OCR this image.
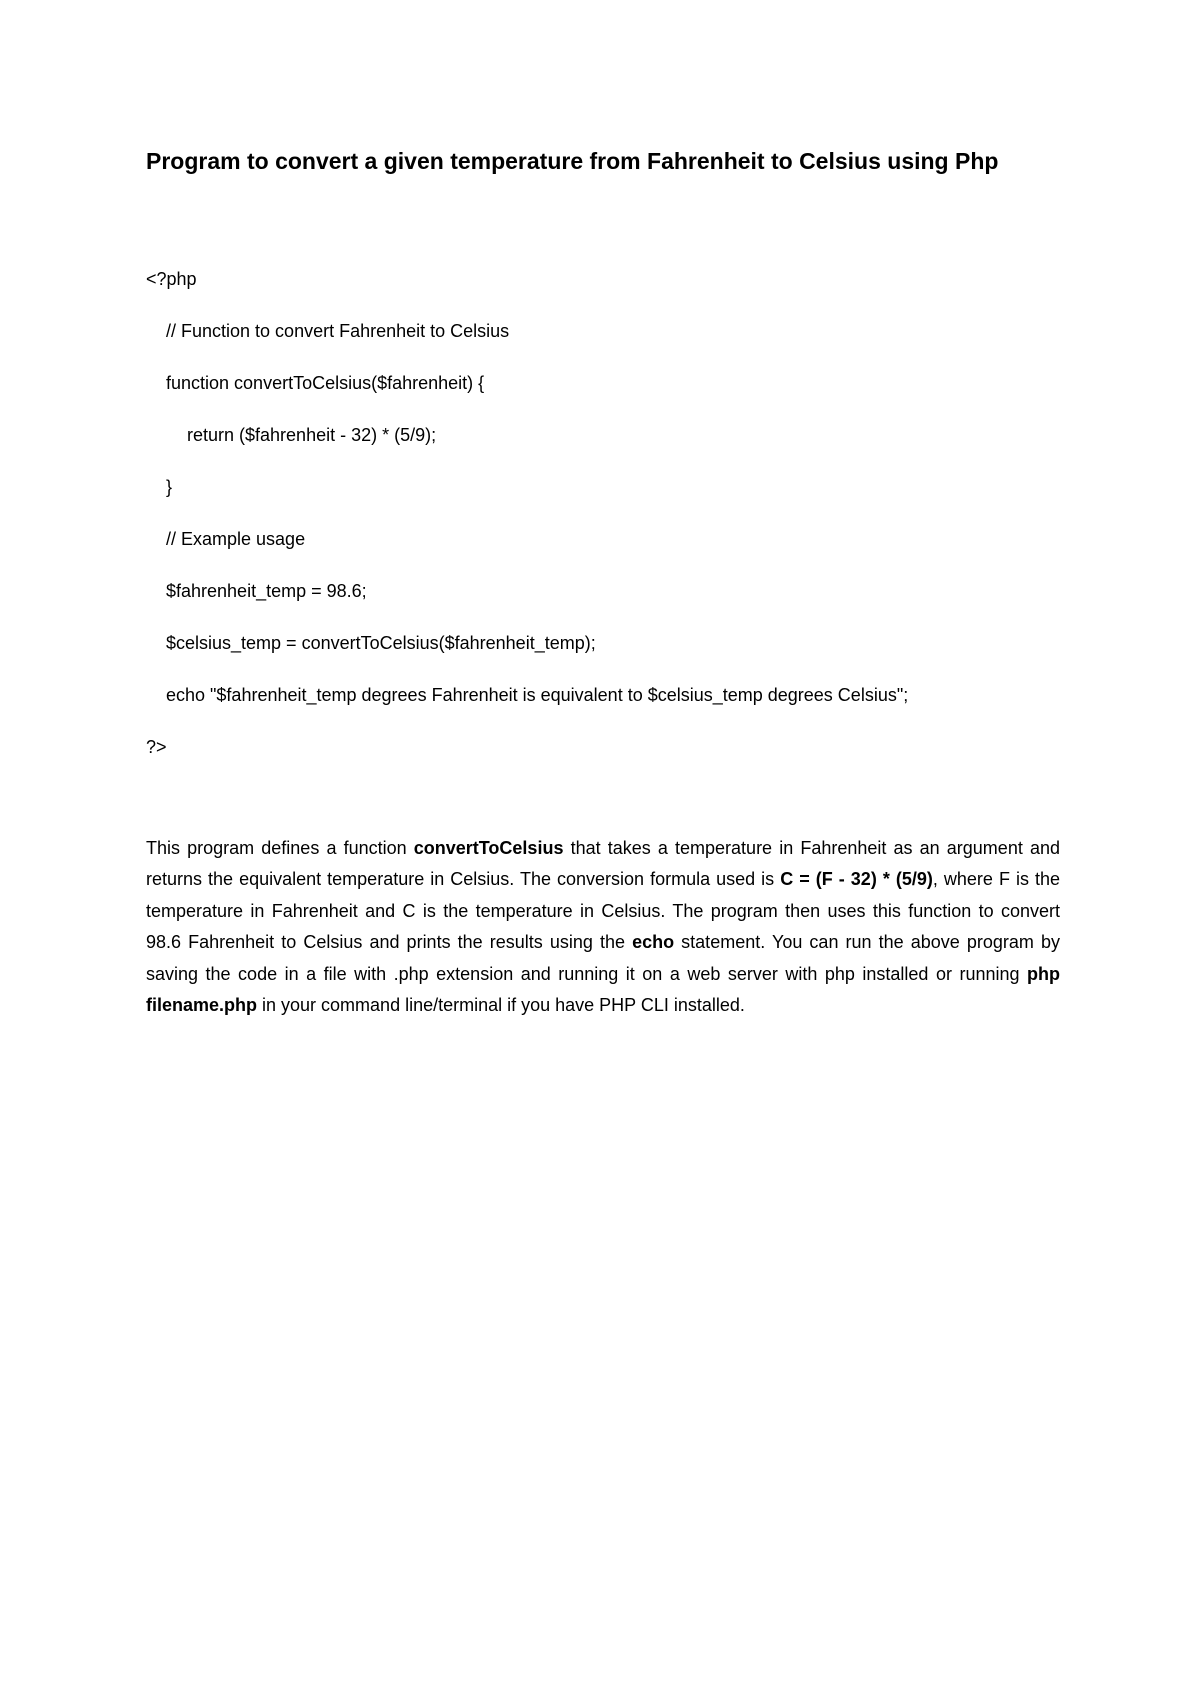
Program to convert a given temperature from Fahrenheit to Celsius using Php
<?php
// Function to convert Fahrenheit to Celsius
function convertToCelsius($fahrenheit) {
return ($fahrenheit - 32) * (5/9);
}
// Example usage
$fahrenheit_temp = 98.6;
$celsius_temp = convertToCelsius($fahrenheit_temp);
echo "$fahrenheit_temp degrees Fahrenheit is equivalent to $celsius_temp degrees Celsius";
?>

This program defines a function convertToCelsius that takes a temperature in Fahrenheit as an argument and returns the equivalent temperature in Celsius. The conversion formula used is C = (F - 32) * (5/9), where F is the temperature in Fahrenheit and C is the temperature in Celsius. The program then uses this function to convert 98.6 Fahrenheit to Celsius and prints the results using the echo statement. You can run the above program by saving the code in a file with .php extension and running it on a web server with php installed or running php filename.php in your command line/terminal if you have PHP CLI installed.
